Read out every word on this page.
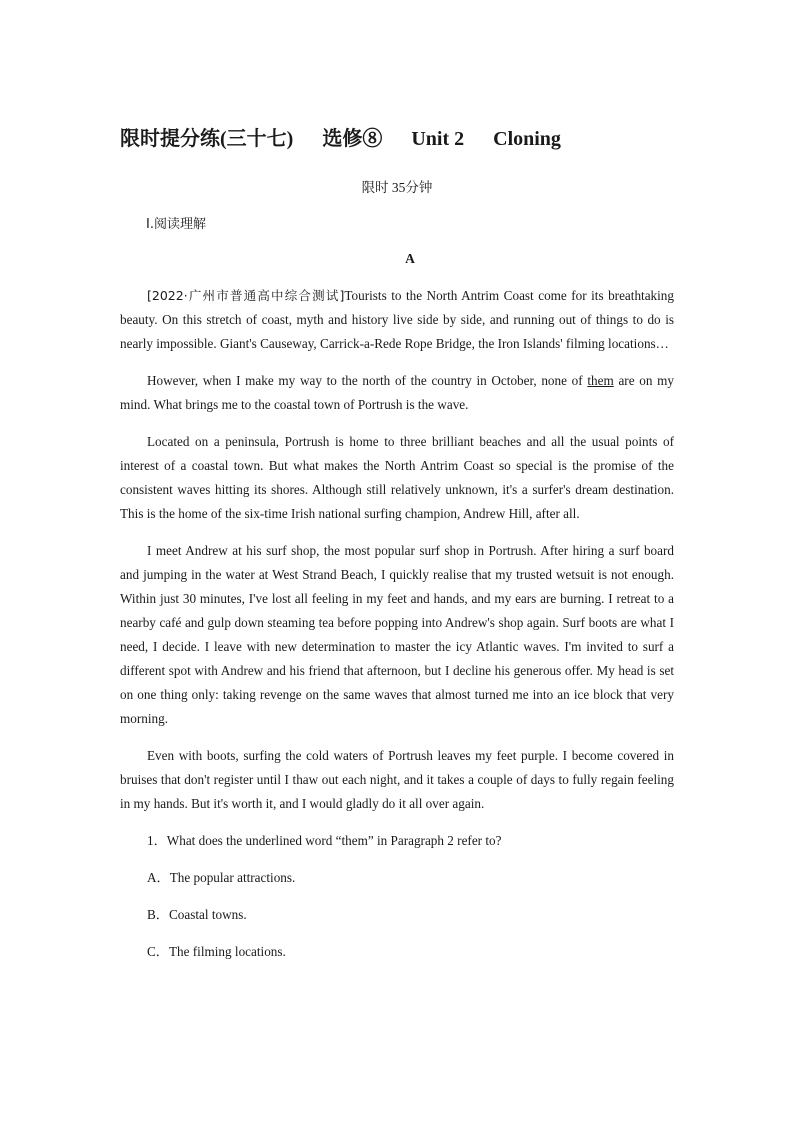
限时提分练(三十七) 选修⑧ Unit 2 Cloning
限时 35分钟
Ⅰ.阅读理解
A

[2022·广州市普通高中综合测试]Tourists to the North Antrim Coast come for its breathtaking beauty. On this stretch of coast, myth and history live side by side, and running out of things to do is nearly impossible. Giant's Causeway, Carrick-a-Rede Rope Bridge, the Iron Islands' filming locations…

However, when I make my way to the north of the country in October, none of them are on my mind. What brings me to the coastal town of Portrush is the wave.

Located on a peninsula, Portrush is home to three brilliant beaches and all the usual points of interest of a coastal town. But what makes the North Antrim Coast so special is the promise of the consistent waves hitting its shores. Although still relatively unknown, it's a surfer's dream destination. This is the home of the six-time Irish national surfing champion, Andrew Hill, after all.

I meet Andrew at his surf shop, the most popular surf shop in Portrush. After hiring a surf board and jumping in the water at West Strand Beach, I quickly realise that my trusted wetsuit is not enough. Within just 30 minutes, I've lost all feeling in my feet and hands, and my ears are burning. I retreat to a nearby café and gulp down steaming tea before popping into Andrew's shop again. Surf boots are what I need, I decide. I leave with new determination to master the icy Atlantic waves. I'm invited to surf a different spot with Andrew and his friend that afternoon, but I decline his generous offer. My head is set on one thing only: taking revenge on the same waves that almost turned me into an ice block that very morning.

Even with boots, surfing the cold waters of Portrush leaves my feet purple. I become covered in bruises that don't register until I thaw out each night, and it takes a couple of days to fully regain feeling in my hands. But it's worth it, and I would gladly do it all over again.

1．What does the underlined word “them” in Paragraph 2 refer to?
A．The popular attractions.
B．Coastal towns.
C．The filming locations.
